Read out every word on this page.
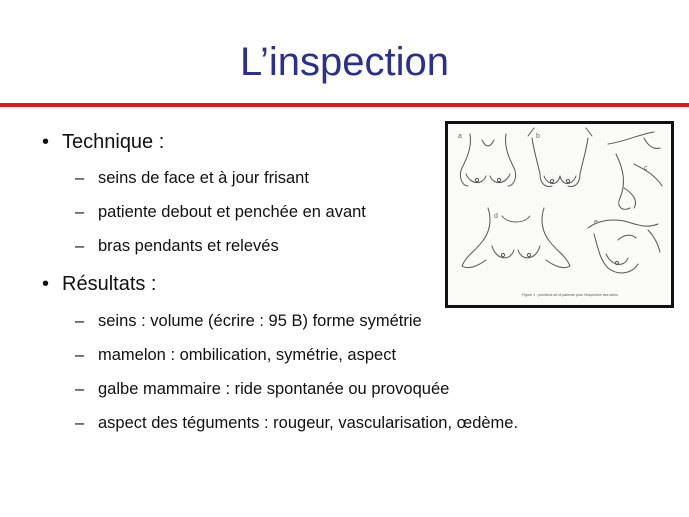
L’inspection
• Technique :
– seins de face et à jour frisant
– patiente debout et penchée en avant
– bras pendants et relevés
• Résultats :
– seins : volume (écrire : 95 B) forme symétrie
– mamelon : ombilication, symétrie, aspect
– galbe mammaire : ride spontanée ou provoquée
– aspect des téguments : rougeur, vascularisation, œdème.
a	b
c
d
e
Figure 1 : positions de la patiente pour l'inspection des seins
